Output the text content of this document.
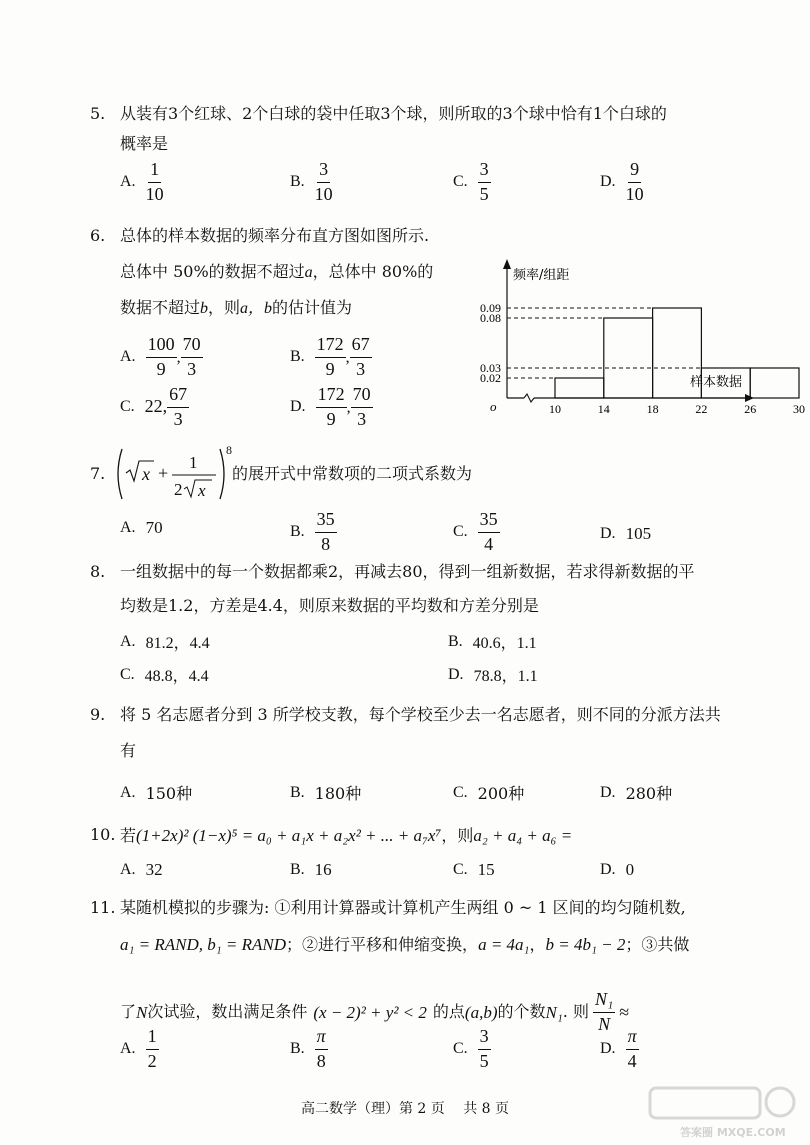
5. 从装有3个红球、2个白球的袋中任取3个球，则所取的3个球中恰有1个白球的
概率是
A. $\frac{1}{10}$	B. $\frac{3}{10}$	C. $\frac{3}{5}$	D. $\frac{9}{10}$
6. 总体的样本数据的频率分布直方图如图所示.
总体中 50%的数据不超过a，总体中 80%的
数据不超过b，则a，b的估计值为
A. $\frac{100}{9}$ , $\frac{70}{3}$	B. $\frac{172}{9}$ , $\frac{67}{3}$
C. 22, $\frac{67}{3}$	D. $\frac{172}{9}$ , $\frac{70}{3}$
0.09
0.08
0.03
0.02
10	14	18	22	26	30
频率/组距
样本数据
o
7. x +
1
2 x
8
的展开式中常数项的二项式系数为
A. 70	B. $\frac{35}{8}$	C. $\frac{35}{4}$	D. 105
8. 一组数据中的每一个数据都乘2，再减去80，得到一组新数据，若求得新数据的平
均数是1.2，方差是4.4，则原来数据的平均数和方差分别是
A. 81.2，4.4	B. 40.6，1.1
C. 48.8，4.4	D. 78.8，1.1
9. 将 5 名志愿者分到 3 所学校支教，每个学校至少去一名志愿者，则不同的分派方法共
有
A. 150种	B. 180种	C. 200种	D. 280种
10. 若(1+2x)² (1−x)⁵ = a₀ + a₁x + a₂x² + ... + a₇x⁷，则a₂ + a₄ + a₆ =
A. 32	B. 16	C. 15	D. 0
11. 某随机模拟的步骤为: ①利用计算器或计算机产生两组 0 ~ 1 区间的均匀随机数,
a₁ = RAND, b₁ = RAND；②进行平移和伸缩变换，a = 4a₁，b = 4b₁ − 2；③共做
了 N 次试验，数出满足条件 (x − 2)² + y² < 2 的点 (a,b) 的个数 N₁ . 则 $\frac{\text{N₁}}{N}$ ≈
A. $\frac{1}{2}$	B. $\frac{\pi}{8}$	C. $\frac{3}{5}$	D. $\frac{\pi}{4}$
高二数学（理）第 2 页　 共 8 页
答案圈 MXQE.COM
